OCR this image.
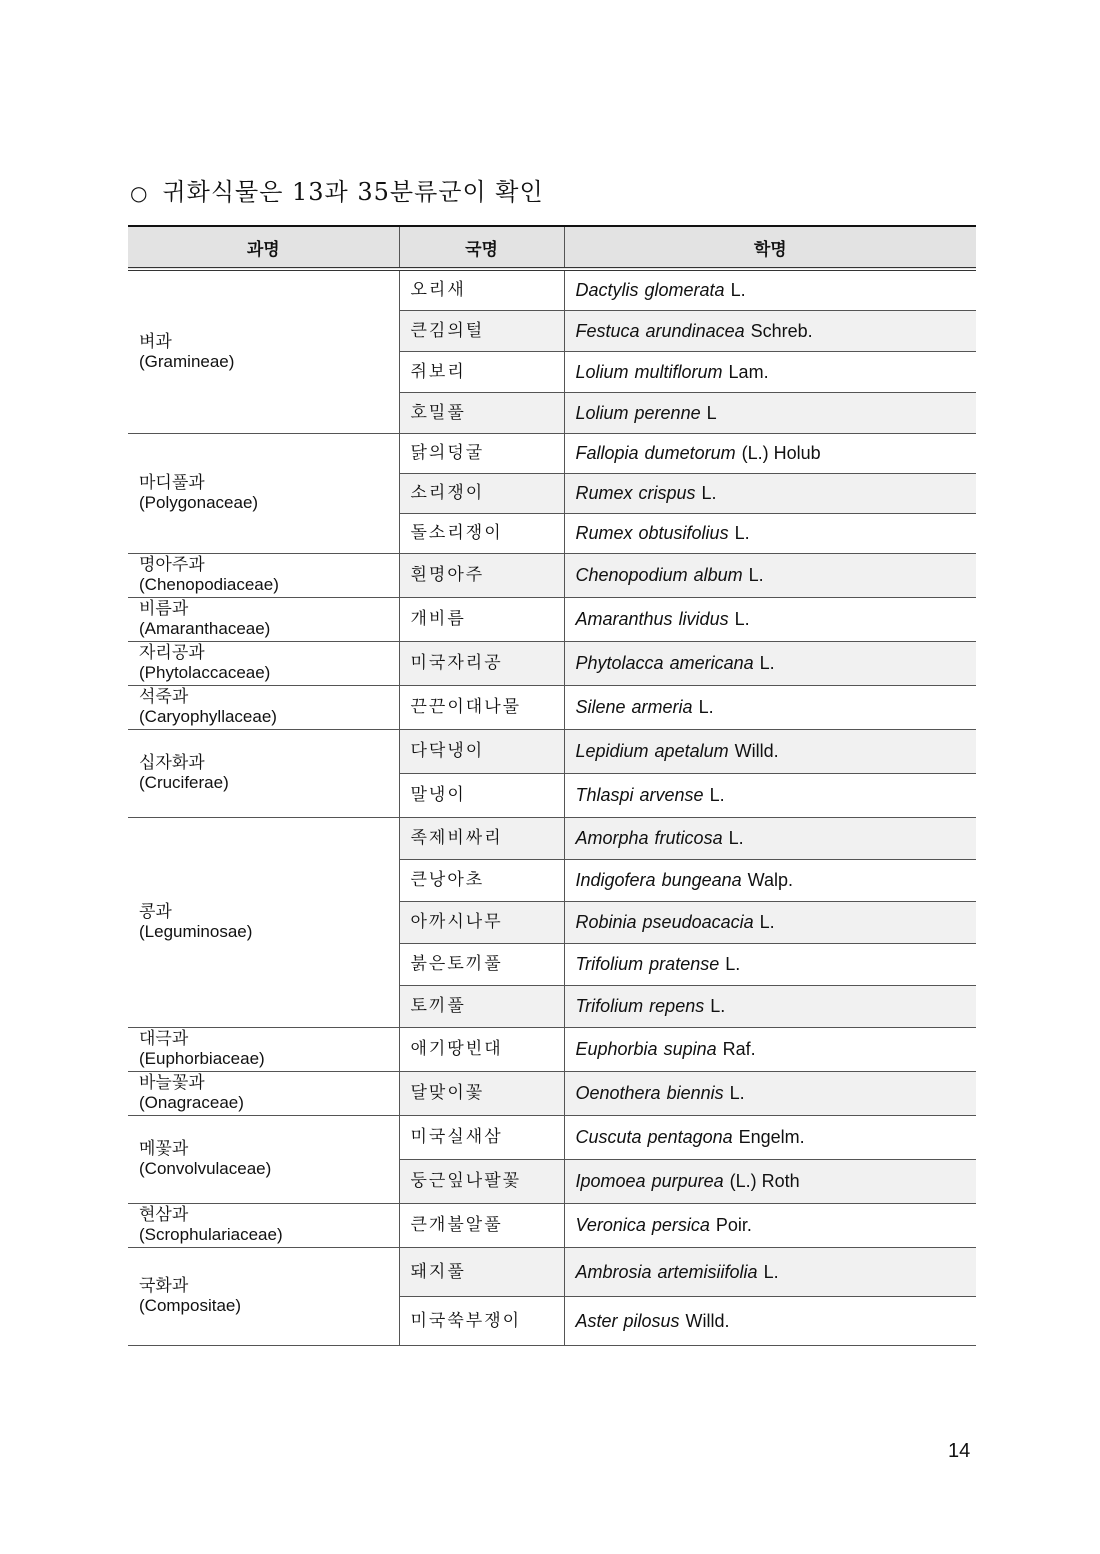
○ 귀화식물은 13과 35분류군이 확인
과명	국명	학명

벼과
(Gramineae)	오리새	Dactylis glomerata L.
	큰김의털	Festuca arundinacea Schreb.
	쥐보리	Lolium multiflorum Lam.
	호밀풀	Lolium perenne L

마디풀과
(Polygonaceae)	닭의덩굴	Fallopia dumetorum (L.) Holub
	소리쟁이	Rumex crispus L.
	돌소리쟁이	Rumex obtusifolius L.

명아주과
(Chenopodiaceae)	흰명아주	Chenopodium album L.

비름과
(Amaranthaceae)	개비름	Amaranthus lividus L.

자리공과
(Phytolaccaceae)	미국자리공	Phytolacca americana L.

석죽과
(Caryophyllaceae)	끈끈이대나물	Silene armeria L.

십자화과
(Cruciferae)	다닥냉이	Lepidium apetalum Willd.
	말냉이	Thlaspi arvense L.

콩과
(Leguminosae)	족제비싸리	Amorpha fruticosa L.
	큰낭아초	Indigofera bungeana Walp.
	아까시나무	Robinia pseudoacacia L.
	붉은토끼풀	Trifolium pratense L.
	토끼풀	Trifolium repens L.

대극과
(Euphorbiaceae)	애기땅빈대	Euphorbia supina Raf.

바늘꽃과
(Onagraceae)	달맞이꽃	Oenothera biennis L.

메꽃과
(Convolvulaceae)	미국실새삼	Cuscuta pentagona Engelm.
	둥근잎나팔꽃	Ipomoea purpurea (L.) Roth

현삼과
(Scrophulariaceae)	큰개불알풀	Veronica persica Poir.

국화과
(Compositae)	돼지풀	Ambrosia artemisiifolia L.
	미국쑥부쟁이	Aster pilosus Willd.
14
